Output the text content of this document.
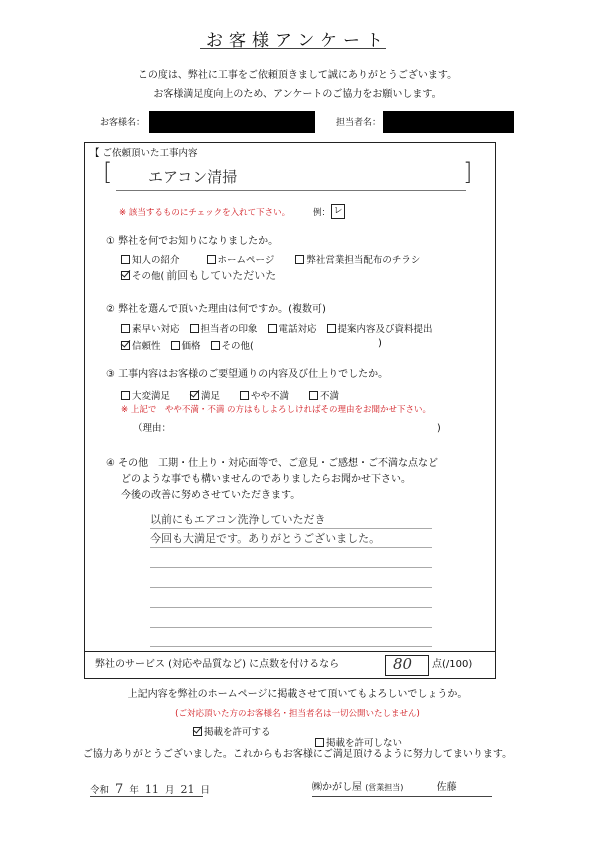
お客様アンケート
この度は、弊社に工事をご依頼頂きまして誠にありがとうございます。
お客様満足度向上のため、アンケートのご協力をお願いします。
お客様名：	担当者名：
【 ご依頼頂いた工事内容
[ エアコン清掃	]
※ 該当するものにチェックを入れて下さい。	例： レ
① 弊社を何でお知りになりましたか。
知人の紹介	ホームページ	弊社営業担当配布のチラシ
その他( 前回もしていただいた
② 弊社を選んで頂いた理由は何ですか。(複数可)
素早い対応 担当者の印象 電話対応 提案内容及び資料提出
信頼性 価格 その他(	)
③ 工事内容はお客様のご要望通りの内容及び仕上りでしたか。
大変満足	満足	やや不満	不満
※ 上記で　やや不満・不満 の方はもしよろしければその理由をお聞かせ下さい。
（理由：	)
④ その他　工期・仕上り・対応面等で、ご意見・ご感想・ご不満な点など
どのような事でも構いませんのでありましたらお聞かせ下さい。
今後の改善に努めさせていただきます。
以前にもエアコン洗浄していただき
今回も大満足です。ありがとうございました。
弊社のサービス (対応や品質など) に点数を付けるなら	80 点(/100)
上記内容を弊社のホームページに掲載させて頂いてもよろしいでしょうか。
(ご対応頂いた方のお客様名・担当者名は一切公開いたしません)
掲載を許可する
掲載を許可しない
ご協力ありがとうございました。これからもお客様にご満足頂けるように努力してまいります。
令和 7 年 11 月 21 日	㈱かがし屋 (営業担当)	佐藤
